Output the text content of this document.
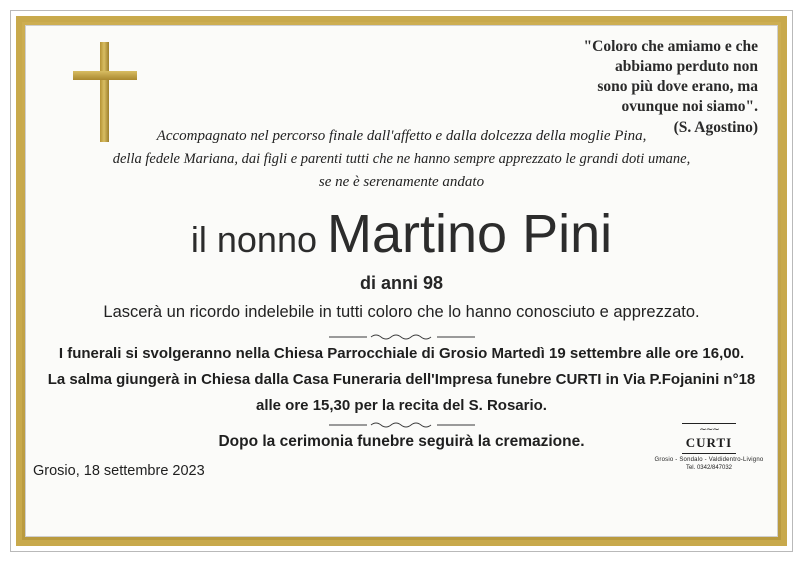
"Coloro che amiamo e che
abbiamo perduto non
sono più dove erano, ma
ovunque noi siamo".
(S. Agostino)
Accompagnato nel percorso finale dall'affetto e dalla dolcezza della moglie Pina,
della fedele Mariana, dai figli e parenti tutti che ne hanno sempre apprezzato le grandi doti umane,
se ne è serenamente andato
il nonno Martino Pini
di anni 98
Lascerà un ricordo indelebile in tutti coloro che lo hanno conosciuto e apprezzato.
I funerali si svolgeranno nella Chiesa Parrocchiale di Grosio Martedì 19 settembre alle ore 16,00.
La salma giungerà in Chiesa dalla Casa Funeraria dell'Impresa funebre CURTI in Via P.Fojanini n°18
alle ore 15,30 per la recita del S. Rosario.
Dopo la cerimonia funebre seguirà la cremazione.
Grosio, 18 settembre 2023
∼∼∼
CURTI
Grosio - Sondalo - Valdidentro-Livigno
Tel. 0342/847032
